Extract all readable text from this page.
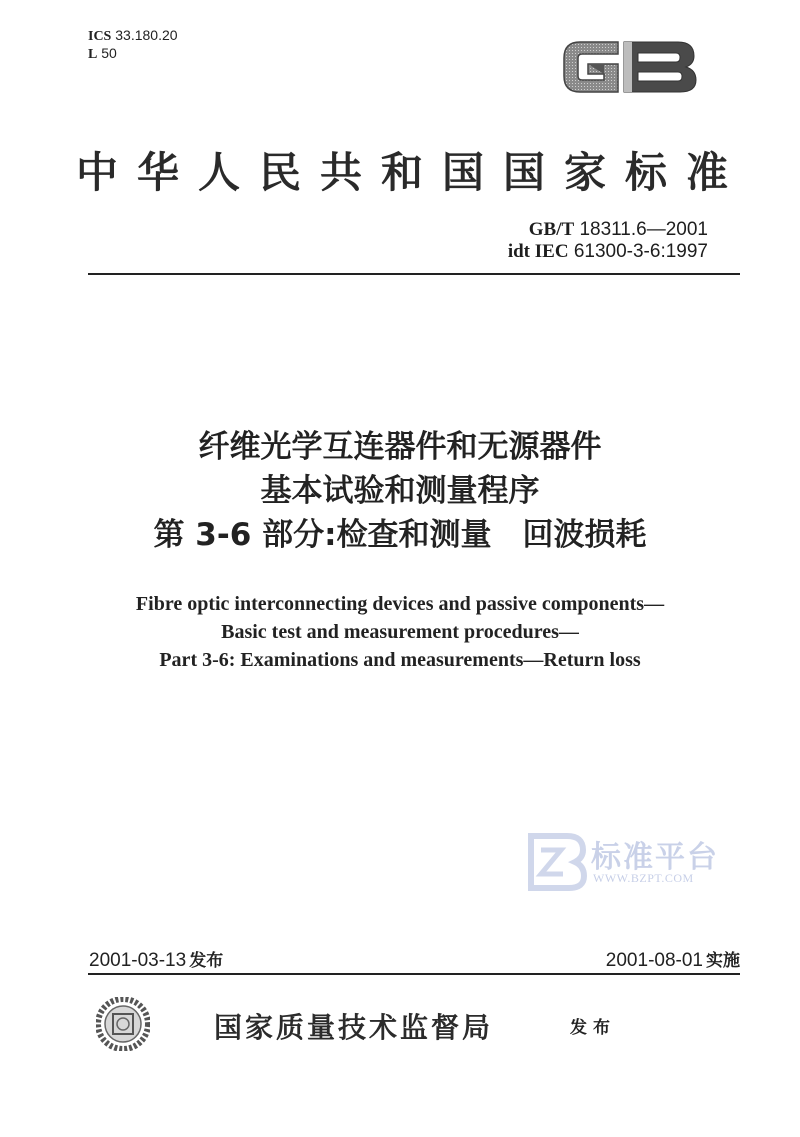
ICS 33.180.20
L 50
中华人民共和国国家标准
GB/T 18311.6—2001
idt IEC 61300-3-6:1997
纤维光学互连器件和无源器件
基本试验和测量程序
第 3-6 部分:检查和测量　回波损耗
Fibre optic interconnecting devices and passive components—
Basic test and measurement procedures—
Part 3-6: Examinations and measurements—Return loss
标准平台
WWW.BZPT.COM
2001-03-13 发布	2001-08-01 实施
国家质量技术监督局	发布
